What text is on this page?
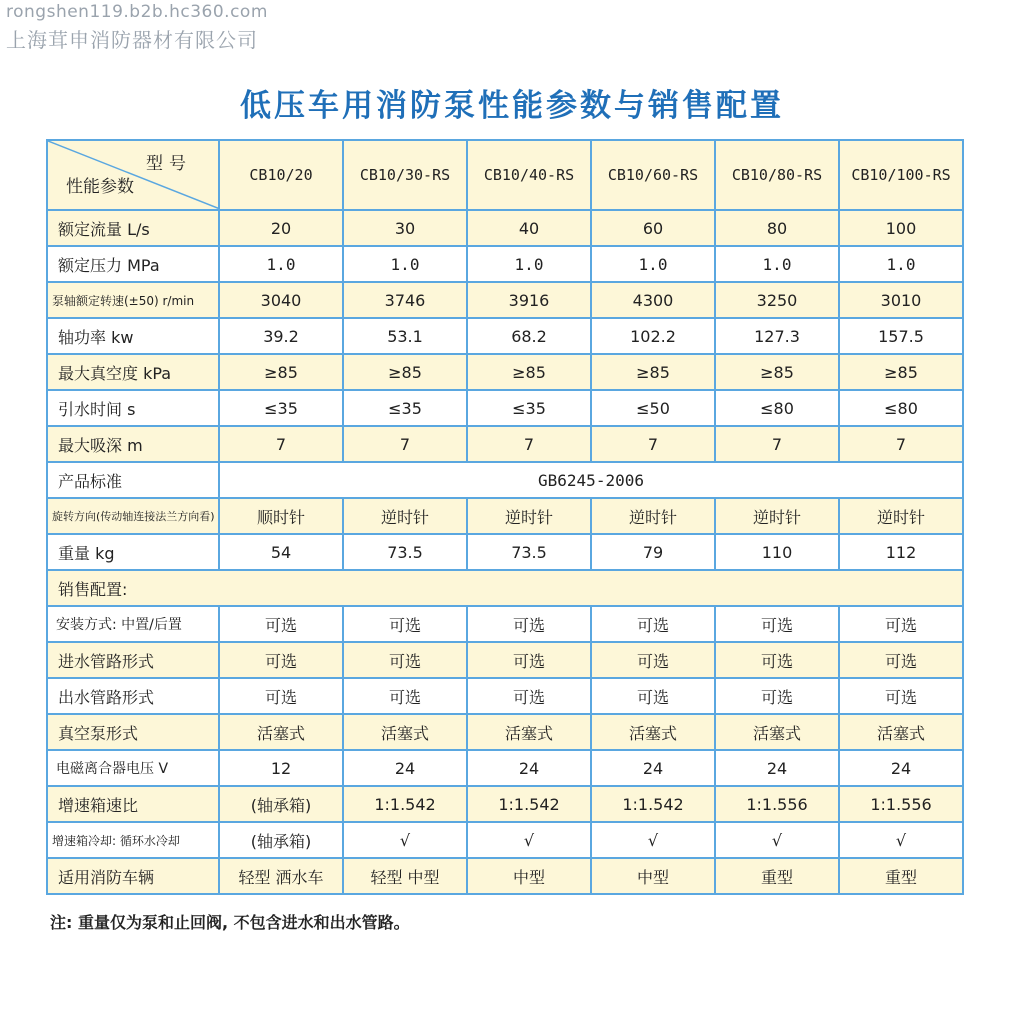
rongshen119.b2b.hc360.com
上海茸申消防器材有限公司
低压车用消防泵性能参数与销售配置
型号
性能参数	CB10/20	CB10/30-RS	CB10/40-RS	CB10/60-RS	CB10/80-RS	CB10/100-RS
额定流量 L/s	20	30	40	60	80	100
额定压力 MPa	1.0	1.0	1.0	1.0	1.0	1.0
泵轴额定转速(±50) r/min	3040	3746	3916	4300	3250	3010
轴功率 kw	39.2	53.1	68.2	102.2	127.3	157.5
最大真空度 kPa	≥85	≥85	≥85	≥85	≥85	≥85
引水时间 s	≤35	≤35	≤35	≤50	≤80	≤80
最大吸深 m	7	7	7	7	7	7
产品标准	GB6245-2006					
旋转方向(传动轴连接法兰方向看)	顺时针	逆时针	逆时针	逆时针	逆时针	逆时针
重量 kg	54	73.5	73.5	79	110	112
销售配置:						
安装方式: 中置/后置	可选	可选	可选	可选	可选	可选
进水管路形式	可选	可选	可选	可选	可选	可选
出水管路形式	可选	可选	可选	可选	可选	可选
真空泵形式	活塞式	活塞式	活塞式	活塞式	活塞式	活塞式
电磁离合器电压 V	12	24	24	24	24	24
增速箱速比	(轴承箱)	1:1.542	1:1.542	1:1.542	1:1.556	1:1.556
增速箱冷却: 循环水冷却	(轴承箱)	√	√	√	√	√
适用消防车辆	轻型 洒水车	轻型 中型	中型	中型	重型	重型
注: 重量仅为泵和止回阀, 不包含进水和出水管路。
